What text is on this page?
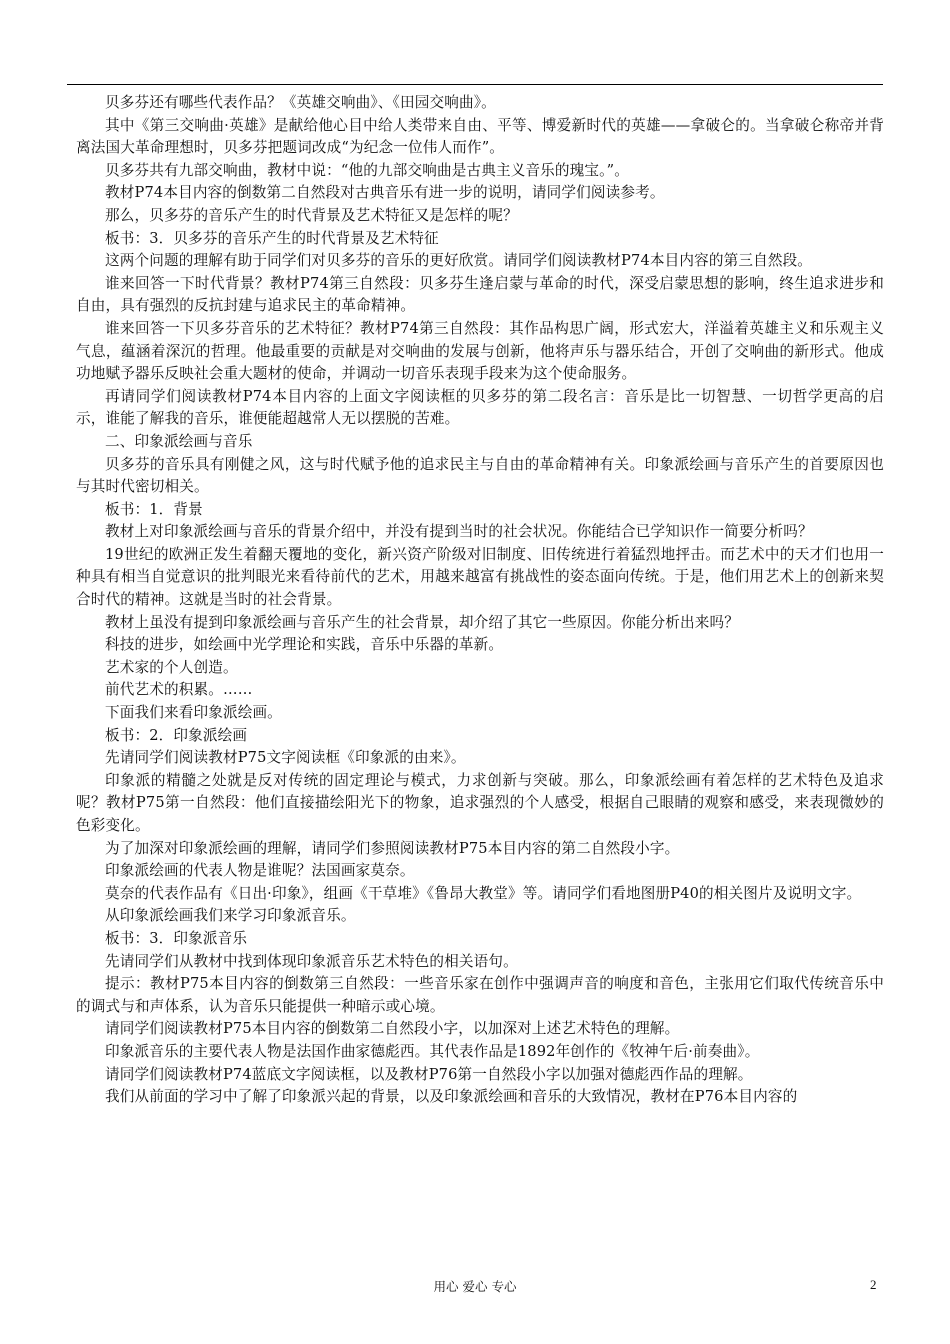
贝多芬还有哪些代表作品？《英雄交响曲》、《田园交响曲》。

其中《第三交响曲·英雄》是献给他心目中给人类带来自由、平等、博爱新时代的英雄——拿破仑的。当拿破仑称帝并背离法国大革命理想时，贝多芬把题词改成“为纪念一位伟人而作”。

贝多芬共有九部交响曲，教材中说：“他的九部交响曲是古典主义音乐的瑰宝。”。

教材P74本目内容的倒数第二自然段对古典音乐有进一步的说明，请同学们阅读参考。

那么，贝多芬的音乐产生的时代背景及艺术特征又是怎样的呢？

板书：3．贝多芬的音乐产生的时代背景及艺术特征

这两个问题的理解有助于同学们对贝多芬的音乐的更好欣赏。请同学们阅读教材P74本目内容的第三自然段。

谁来回答一下时代背景？教材P74第三自然段：贝多芬生逢启蒙与革命的时代，深受启蒙思想的影响，终生追求进步和自由，具有强烈的反抗封建与追求民主的革命精神。

谁来回答一下贝多芬音乐的艺术特征？教材P74第三自然段：其作品构思广阔，形式宏大，洋溢着英雄主义和乐观主义气息，蕴涵着深沉的哲理。他最重要的贡献是对交响曲的发展与创新，他将声乐与器乐结合，开创了交响曲的新形式。他成功地赋予器乐反映社会重大题材的使命，并调动一切音乐表现手段来为这个使命服务。

再请同学们阅读教材P74本目内容的上面文字阅读框的贝多芬的第二段名言：音乐是比一切智慧、一切哲学更高的启示，谁能了解我的音乐，谁便能超越常人无以摆脱的苦难。

二、印象派绘画与音乐

贝多芬的音乐具有刚健之风，这与时代赋予他的追求民主与自由的革命精神有关。印象派绘画与音乐产生的首要原因也与其时代密切相关。

板书：1．背景

教材上对印象派绘画与音乐的背景介绍中，并没有提到当时的社会状况。你能结合已学知识作一简要分析吗？

19世纪的欧洲正发生着翻天覆地的变化，新兴资产阶级对旧制度、旧传统进行着猛烈地抨击。而艺术中的天才们也用一种具有相当自觉意识的批判眼光来看待前代的艺术，用越来越富有挑战性的姿态面向传统。于是，他们用艺术上的创新来契合时代的精神。这就是当时的社会背景。

教材上虽没有提到印象派绘画与音乐产生的社会背景，却介绍了其它一些原因。你能分析出来吗？

科技的进步，如绘画中光学理论和实践，音乐中乐器的革新。

艺术家的个人创造。

前代艺术的积累。……

下面我们来看印象派绘画。

板书：2．印象派绘画

先请同学们阅读教材P75文字阅读框《印象派的由来》。

印象派的精髓之处就是反对传统的固定理论与模式，力求创新与突破。那么，印象派绘画有着怎样的艺术特色及追求呢？教材P75第一自然段：他们直接描绘阳光下的物象，追求强烈的个人感受，根据自己眼睛的观察和感受，来表现微妙的色彩变化。

为了加深对印象派绘画的理解，请同学们参照阅读教材P75本目内容的第二自然段小字。

印象派绘画的代表人物是谁呢？法国画家莫奈。

莫奈的代表作品有《日出·印象》，组画《干草堆》《鲁昂大教堂》等。请同学们看地图册P40的相关图片及说明文字。

从印象派绘画我们来学习印象派音乐。

板书：3．印象派音乐

先请同学们从教材中找到体现印象派音乐艺术特色的相关语句。

提示：教材P75本目内容的倒数第三自然段：一些音乐家在创作中强调声音的响度和音色，主张用它们取代传统音乐中的调式与和声体系，认为音乐只能提供一种暗示或心境。

请同学们阅读教材P75本目内容的倒数第二自然段小字，以加深对上述艺术特色的理解。

印象派音乐的主要代表人物是法国作曲家德彪西。其代表作品是1892年创作的《牧神午后·前奏曲》。

请同学们阅读教材P74蓝底文字阅读框，以及教材P76第一自然段小字以加强对德彪西作品的理解。

我们从前面的学习中了解了印象派兴起的背景，以及印象派绘画和音乐的大致情况，教材在P76本目内容的

用心 爱心 专心	2
